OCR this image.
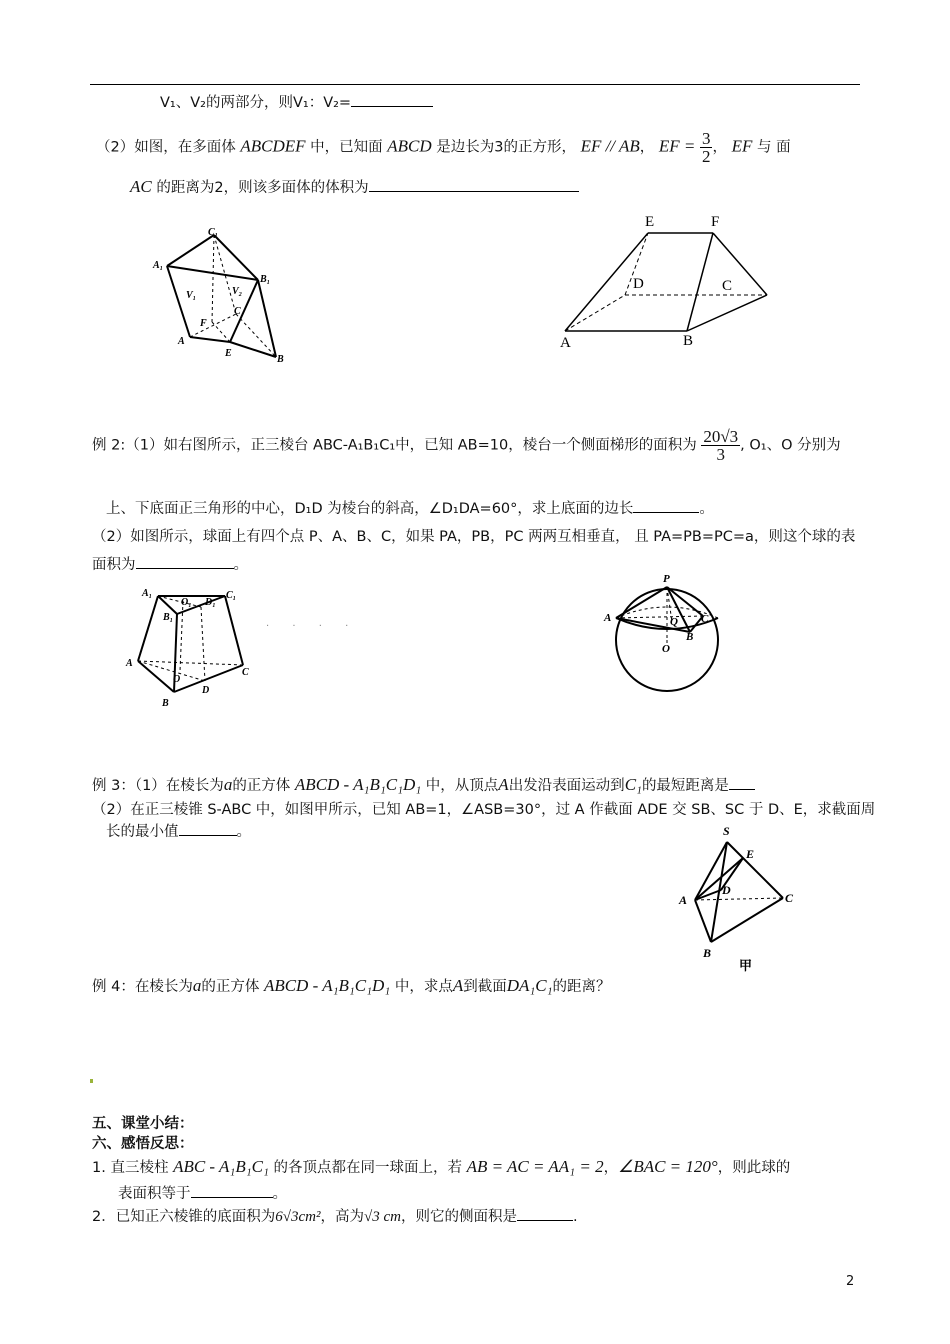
V₁、V₂的两部分，则V₁：V₂=
（2）如图，在多面体 ABCDEF 中，已知面 ABCD 是边长为3的正方形， EF // AB， EF = $\frac{3}{2}$ ， EF 与 面
AC 的距离为2，则该多面体的体积为
C₁
A₁
B₁
V₁	V₂
F
C
A
E
B
E	F
D	C
A	B
例 2:（1）如右图所示，正三棱台 ABC-A₁B₁C₁中，已知 AB=10，棱台一个侧面梯形的面积为 $\frac{20√3}{3}$ , O₁、O 分别为
上、下底面正三角形的中心，D₁D 为棱台的斜高，∠D₁DA=60°，求上底面的边长	。
（2）如图所示，球面上有四个点 P、A、B、C，如果 PA，PB，PC 两两互相垂直， 且 PA=PB=PC=a，则这个球的表
面积为	。
A₁
O₁ D₁
C₁
B₁
A
C
O
D
B
. . . .
P
A	C
B
O
Q
例 3：（1）在棱长为a的正方体 ABCD - A₁B₁C₁D₁ 中，从顶点A出发沿表面运动到C₁的最短距离是
（2）在正三棱锥 S-ABC 中，如图甲所示，已知 AB=1，∠ASB=30°，过 A 作截面 ADE 交 SB、SC 于 D、E，求截面周
长的最小值	。	S
E
D
A	C
B
甲
例 4：在棱长为a的正方体 ABCD - A₁B₁C₁D₁ 中，求点A到截面DA₁C₁的距离？
五、课堂小结：
六、感悟反思：
1. 直三棱柱 ABC - A₁B₁C₁ 的各顶点都在同一球面上，若 AB = AC = AA₁ = 2，∠BAC = 120°，则此球的
表面积等于	。
2．已知正六棱锥的底面积为6√3cm²，高为√3 cm，则它的侧面积是	.
2
